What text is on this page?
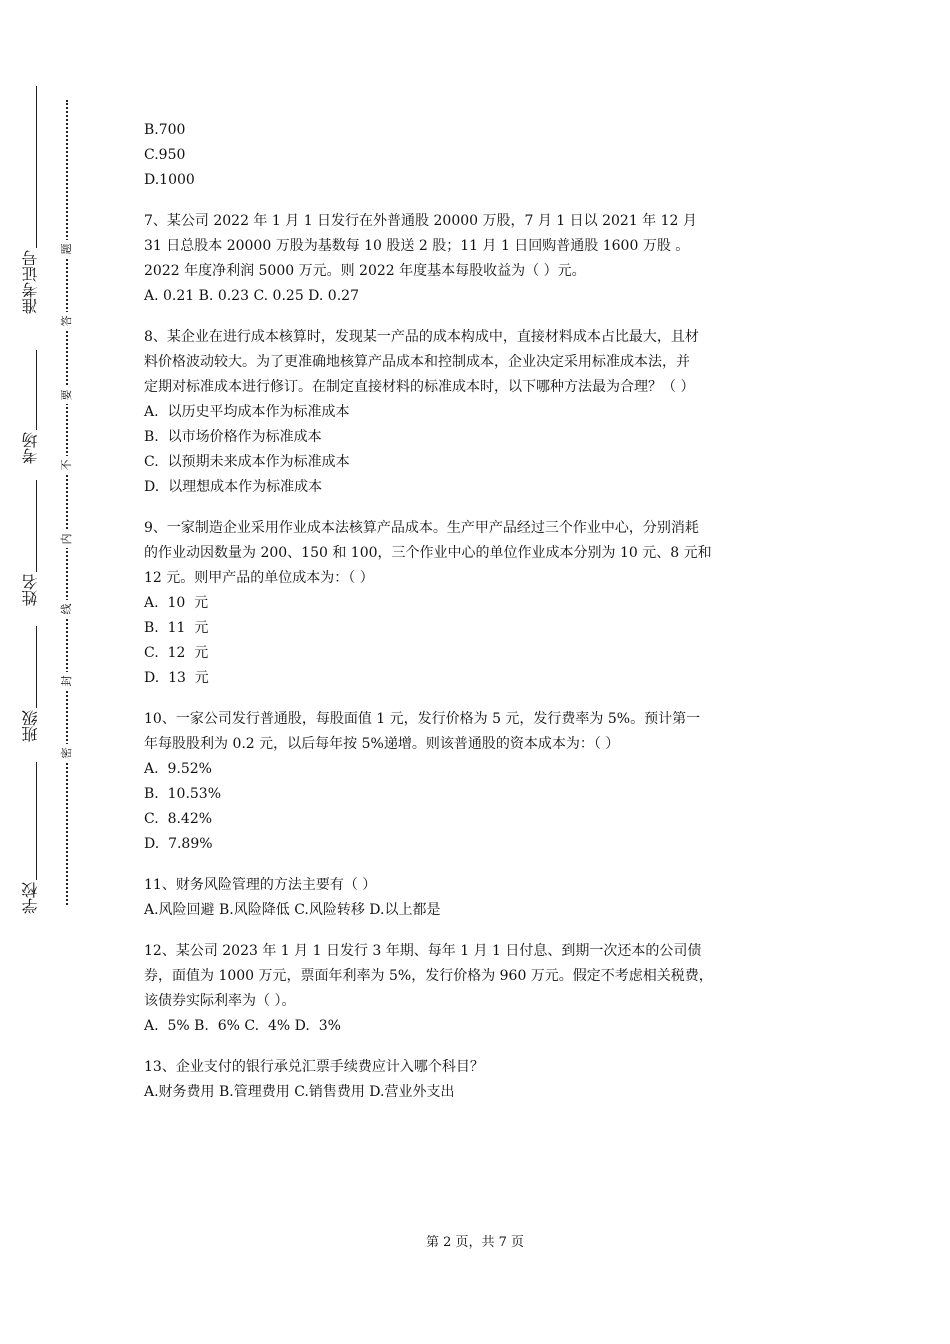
准考证号
考场
姓名
班级
学校
题
答
要
不
内
线
封
密

B.700

C.950

D.1000

7、某公司 2022 年 1 月 1 日发行在外普通股 20000 万股，7 月 1 日以 2021 年 12 月

31 日总股本 20000 万股为基数每 10 股送 2 股；11 月 1 日回购普通股 1600 万股 。

2022 年度净利润 5000 万元。则 2022 年度基本每股收益为（ ）元。

A. 0.21 B. 0.23 C. 0.25 D. 0.27

8、某企业在进行成本核算时，发现某一产品的成本构成中，直接材料成本占比最大，且材

料价格波动较大。为了更准确地核算产品成本和控制成本，企业决定采用标准成本法，并

定期对标准成本进行修订。在制定直接材料的标准成本时，以下哪种方法最为合理？（ ）

A.  以历史平均成本作为标准成本

B.  以市场价格作为标准成本

C.  以预期未来成本作为标准成本

D.  以理想成本作为标准成本

9、一家制造企业采用作业成本法核算产品成本。生产甲产品经过三个作业中心，分别消耗

的作业动因数量为 200、150 和 100，三个作业中心的单位作业成本分别为 10 元、8 元和

12 元。则甲产品的单位成本为：（ ）

A.  10  元

B.  11  元

C.  12  元

D.  13  元

10、一家公司发行普通股，每股面值 1 元，发行价格为 5 元，发行费率为 5%。预计第一

年每股股利为 0.2 元，以后每年按 5%递增。则该普通股的资本成本为：（ ）

A.  9.52%

B.  10.53%

C.  8.42%

D.  7.89%

11、财务风险管理的方法主要有（ ）

A.风险回避 B.风险降低 C.风险转移 D.以上都是

12、某公司 2023 年 1 月 1 日发行 3 年期、每年 1 月 1 日付息、到期一次还本的公司债

券，面值为 1000 万元，票面年利率为 5%，发行价格为 960 万元。假定不考虑相关税费，

该债券实际利率为（ ）。

A.  5% B.  6% C.  4% D.  3%

13、企业支付的银行承兑汇票手续费应计入哪个科目？

A.财务费用 B.管理费用 C.销售费用 D.营业外支出

第 2 页，共 7 页
